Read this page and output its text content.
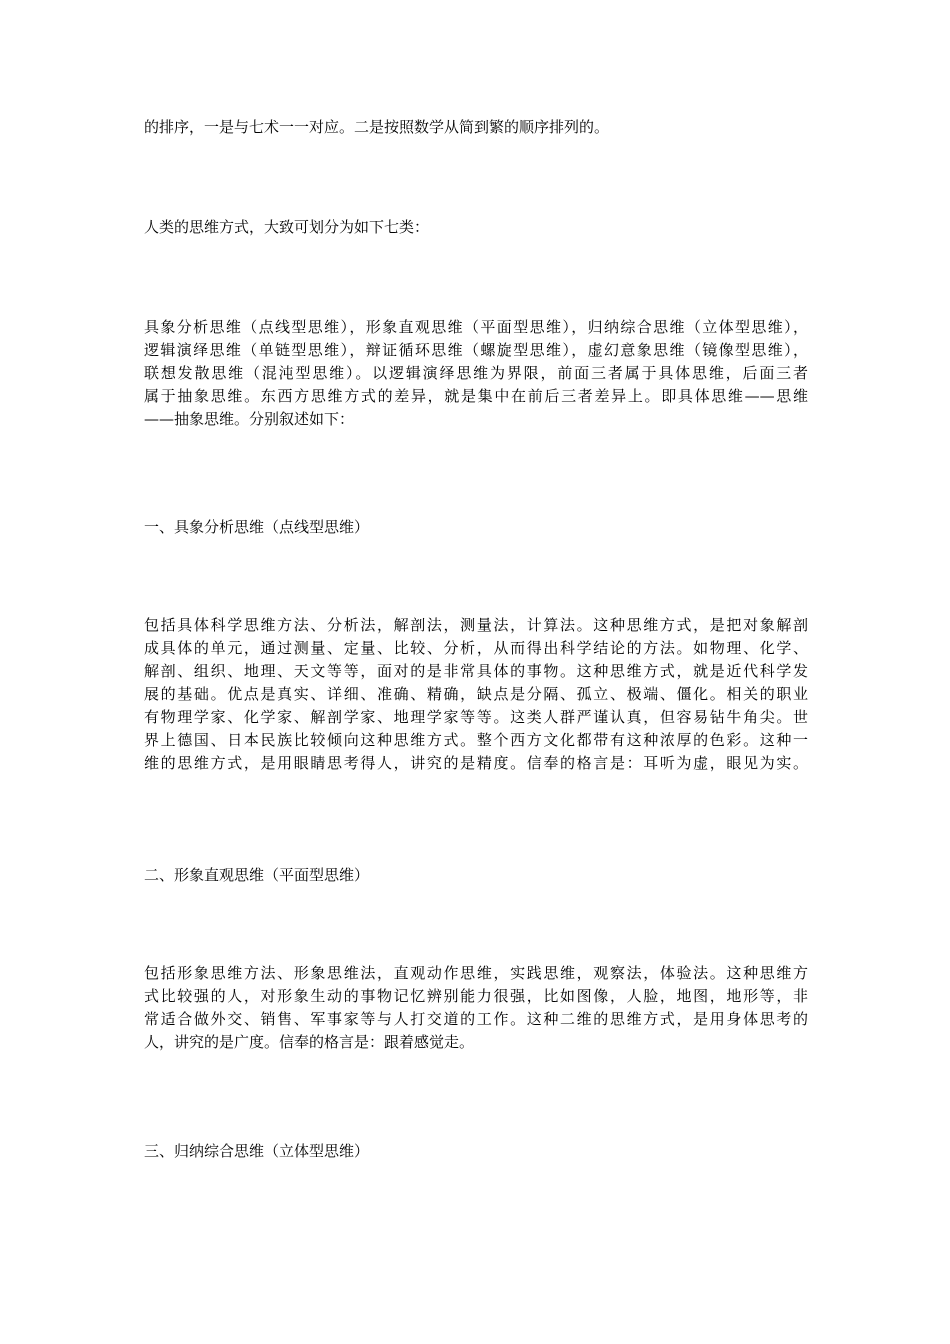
的排序，一是与七术一一对应。二是按照数学从简到繁的顺序排列的。

人类的思维方式，大致可划分为如下七类：

具象分析思维（点线型思维），形象直观思维（平面型思维），归纳综合思维（立体型思维），
逻辑演绎思维（单链型思维），辩证循环思维（螺旋型思维），虚幻意象思维（镜像型思维），
联想发散思维（混沌型思维）。以逻辑演绎思维为界限，前面三者属于具体思维，后面三者
属于抽象思维。东西方思维方式的差异，就是集中在前后三者差异上。即具体思维——思维
——抽象思维。分别叙述如下：

一、具象分析思维（点线型思维）

包括具体科学思维方法、分析法，解剖法，测量法，计算法。这种思维方式，是把对象解剖
成具体的单元，通过测量、定量、比较、分析，从而得出科学结论的方法。如物理、化学、
解剖、组织、地理、天文等等，面对的是非常具体的事物。这种思维方式，就是近代科学发
展的基础。优点是真实、详细、准确、精确，缺点是分隔、孤立、极端、僵化。相关的职业
有物理学家、化学家、解剖学家、地理学家等等。这类人群严谨认真，但容易钻牛角尖。世
界上德国、日本民族比较倾向这种思维方式。整个西方文化都带有这种浓厚的色彩。这种一
维的思维方式，是用眼睛思考得人，讲究的是精度。信奉的格言是：耳听为虚，眼见为实。

二、形象直观思维（平面型思维）

包括形象思维方法、形象思维法，直观动作思维，实践思维，观察法，体验法。这种思维方
式比较强的人，对形象生动的事物记忆辨别能力很强，比如图像，人脸，地图，地形等，非
常适合做外交、销售、军事家等与人打交道的工作。这种二维的思维方式，是用身体思考的
人，讲究的是广度。信奉的格言是：跟着感觉走。

三、归纳综合思维（立体型思维）
